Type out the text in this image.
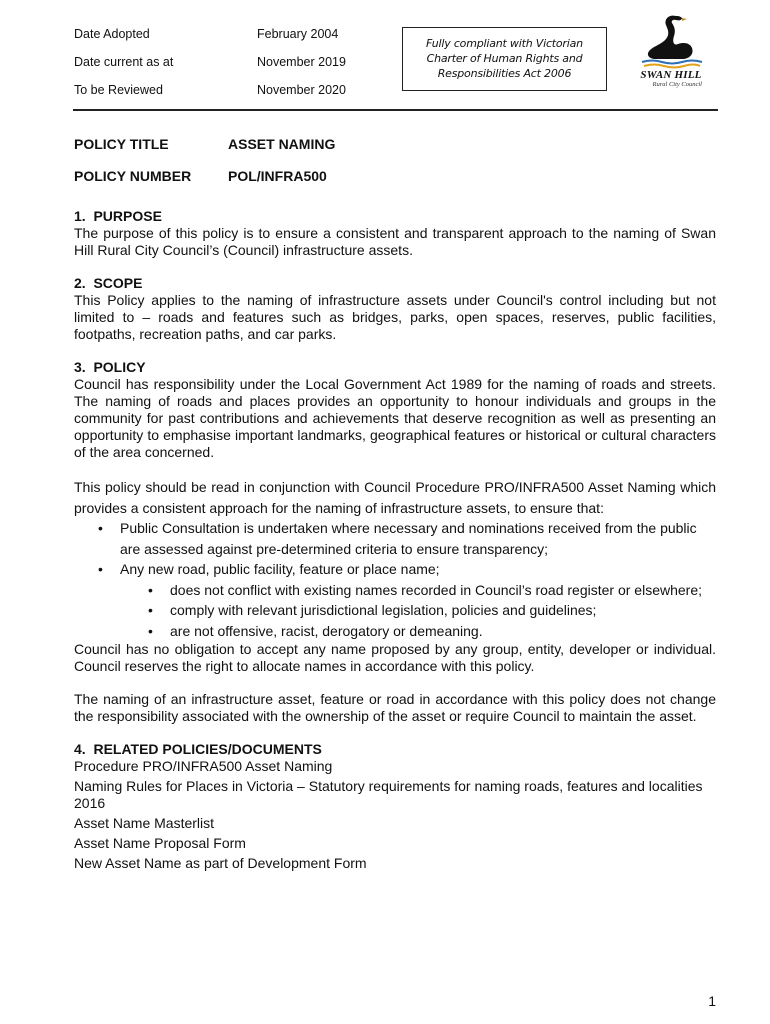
Date Adopted	February 2004
Date current as at	November 2019
To be Reviewed	November 2020
Fully compliant with Victorian
Charter of Human Rights and
Responsibilities Act 2006	SWAN HILL
Rural City Council
POLICY TITLE	ASSET NAMING
POLICY NUMBER	POL/INFRA500

1.  PURPOSE

The purpose of this policy is to ensure a consistent and transparent approach to the naming of Swan Hill Rural City Council’s (Council) infrastructure assets.

2.  SCOPE

This Policy applies to the naming of infrastructure assets under Council's control including but not limited to – roads and features such as bridges, parks, open spaces, reserves, public facilities, footpaths, recreation paths, and car parks.

3.  POLICY

Council has responsibility under the Local Government Act 1989 for the naming of roads and streets. The naming of roads and places provides an opportunity to honour individuals and groups in the community for past contributions and achievements that deserve recognition as well as presenting an opportunity to emphasise important landmarks, geographical features or historical or cultural characters of the area concerned.

This policy should be read in conjunction with Council Procedure PRO/INFRA500 Asset Naming which provides a consistent approach for the naming of infrastructure assets, to ensure that:

• Public Consultation is undertaken where necessary and nominations received from the public are assessed against pre-determined criteria to ensure transparency;
• Any new road, public facility, feature or place name;
• does not conflict with existing names recorded in Council’s road register or elsewhere;
• comply with relevant jurisdictional legislation, policies and guidelines;
• are not offensive, racist, derogatory or demeaning.

Council has no obligation to accept any name proposed by any group, entity, developer or individual. Council reserves the right to allocate names in accordance with this policy.

The naming of an infrastructure asset, feature or road in accordance with this policy does not change the responsibility associated with the ownership of the asset or require Council to maintain the asset.

4.  RELATED POLICIES/DOCUMENTS

Procedure PRO/INFRA500 Asset Naming

Naming Rules for Places in Victoria – Statutory requirements for naming roads, features and localities 2016

Asset Name Masterlist

Asset Name Proposal Form

New Asset Name as part of Development Form

1
